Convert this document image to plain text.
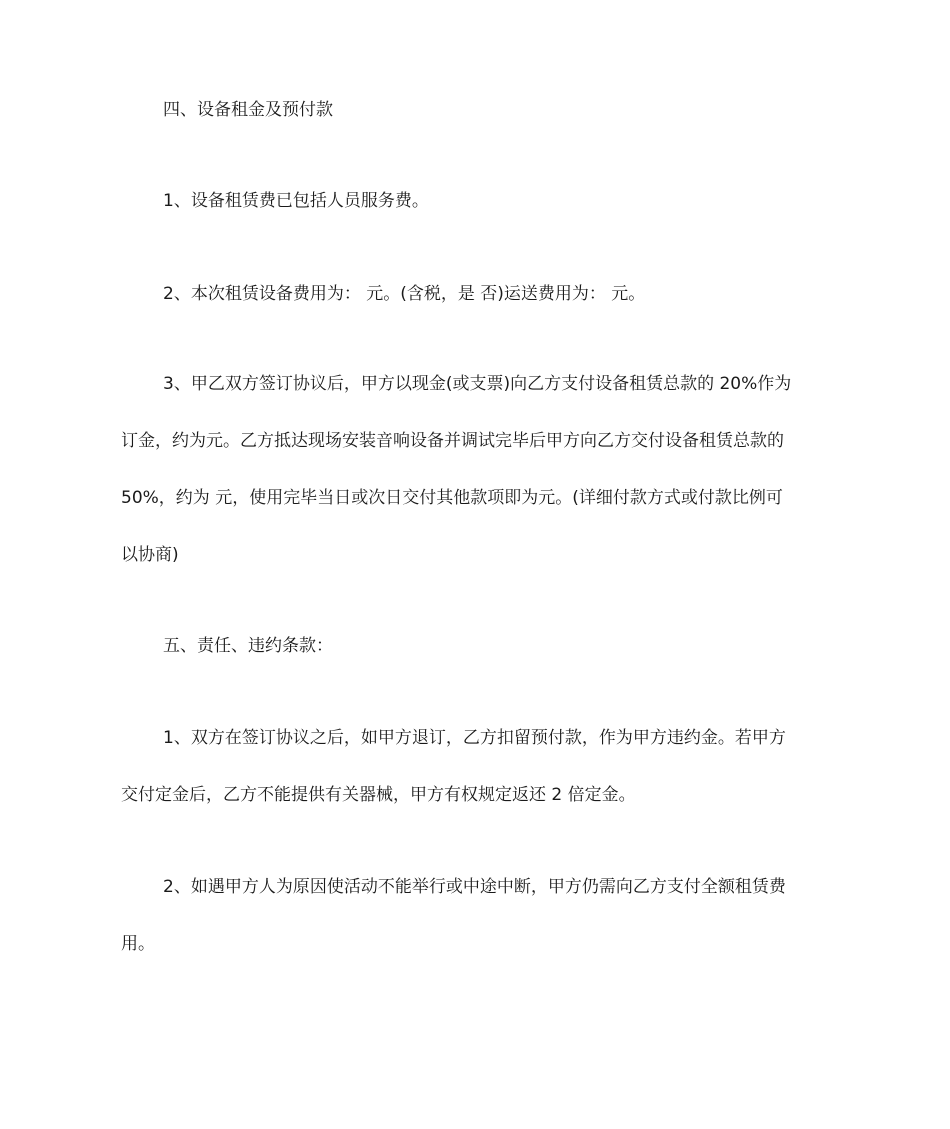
四、设备租金及预付款

1、设备租赁费已包括人员服务费。

2、本次租赁设备费用为： 元。(含税，是 否)运送费用为： 元。

3、甲乙双方签订协议后，甲方以现金(或支票)向乙方支付设备租赁总款的 20%作为

订金，约为元。乙方抵达现场安装音响设备并调试完毕后甲方向乙方交付设备租赁总款的

50%，约为 元，使用完毕当日或次日交付其他款项即为元。(详细付款方式或付款比例可

以协商)

五、责任、违约条款：

1、双方在签订协议之后，如甲方退订，乙方扣留预付款，作为甲方违约金。若甲方

交付定金后，乙方不能提供有关器械，甲方有权规定返还 2 倍定金。

2、如遇甲方人为原因使活动不能举行或中途中断，甲方仍需向乙方支付全额租赁费

用。
